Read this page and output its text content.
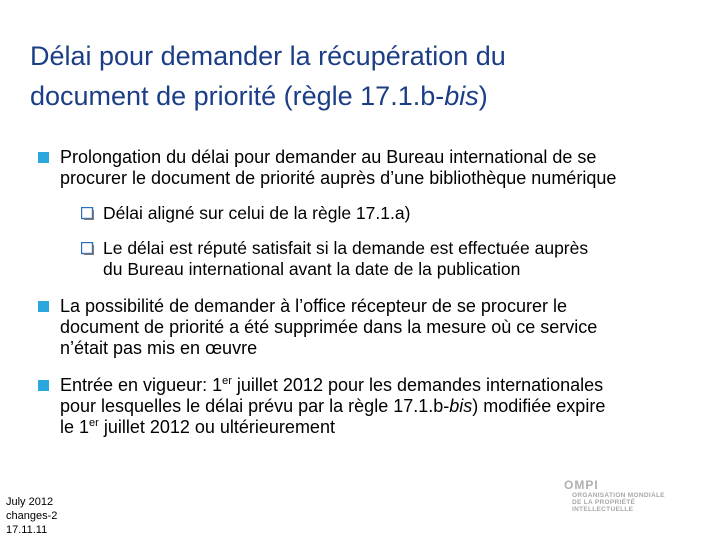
Délai pour demander la récupération du
document de priorité (règle 17.1.b-bis)
Prolongation du délai pour demander au Bureau international de se
procurer le document de priorité auprès d’une bibliothèque numérique
Délai aligné sur celui de la règle 17.1.a)
Le délai est réputé satisfait si la demande est effectuée auprès
du Bureau international avant la date de la publication
La possibilité de demander à l’office récepteur de se procurer le
document de priorité a été supprimée dans la mesure où ce service
n’était pas mis en œuvre
Entrée en vigueur: 1er juillet 2012 pour les demandes internationales
pour lesquelles le délai prévu par la règle 17.1.b-bis) modifiée expire
le 1er juillet 2012 ou ultérieurement
July 2012
changes-2
17.11.11
OMPI
ORGANISATION MONDIALE
DE LA PROPRIÉTÉ
INTELLECTUELLE
